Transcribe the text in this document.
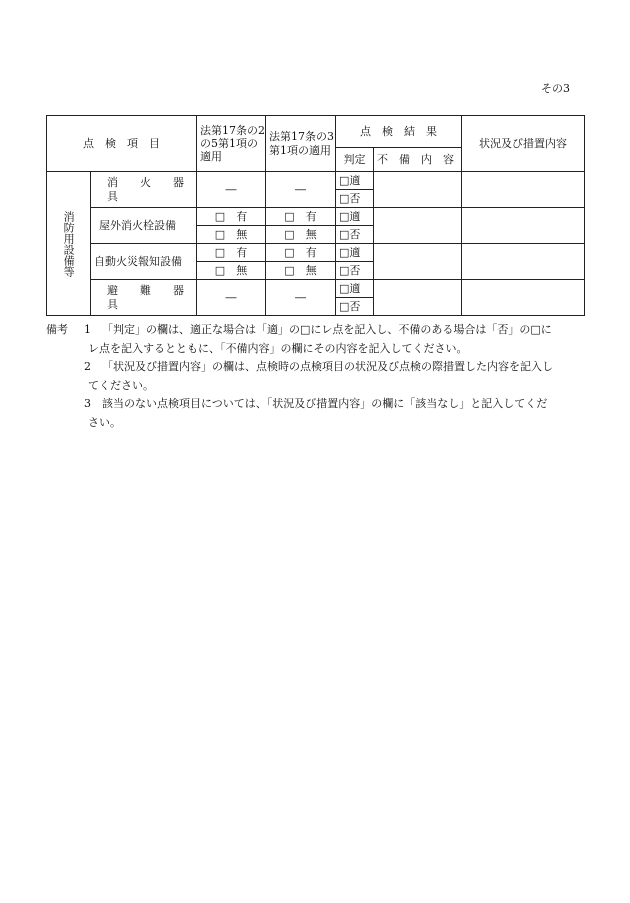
その3
点　検　項　目		法第17条の2の5第1項の適用	法第17条の3第1項の適用	点　検　結　果		状況及び措置内容
				判定	不　備　内　容	

消防用設備等	消　　火　　器　　具	―	―	□適		
				□否		
	屋外消火栓設備	□　有	□　有	□適		
		□　無	□　無	□否		
	自動火災報知設備	□　有	□　有	□適		
		□　無	□　無	□否		
	避　　難　　器　　具	―	―	□適		
				□否		
備考 1 「判定」の欄は、適正な場合は「適」の□にレ点を記入し、不備のある場合は「否」の□に
レ点を記入するとともに、「不備内容」の欄にその内容を記入してください。
2 「状況及び措置内容」の欄は、点検時の点検項目の状況及び点検の際措置した内容を記入し
てください。
3 該当のない点検項目については、「状況及び措置内容」の欄に「該当なし」と記入してくだ
さい。
